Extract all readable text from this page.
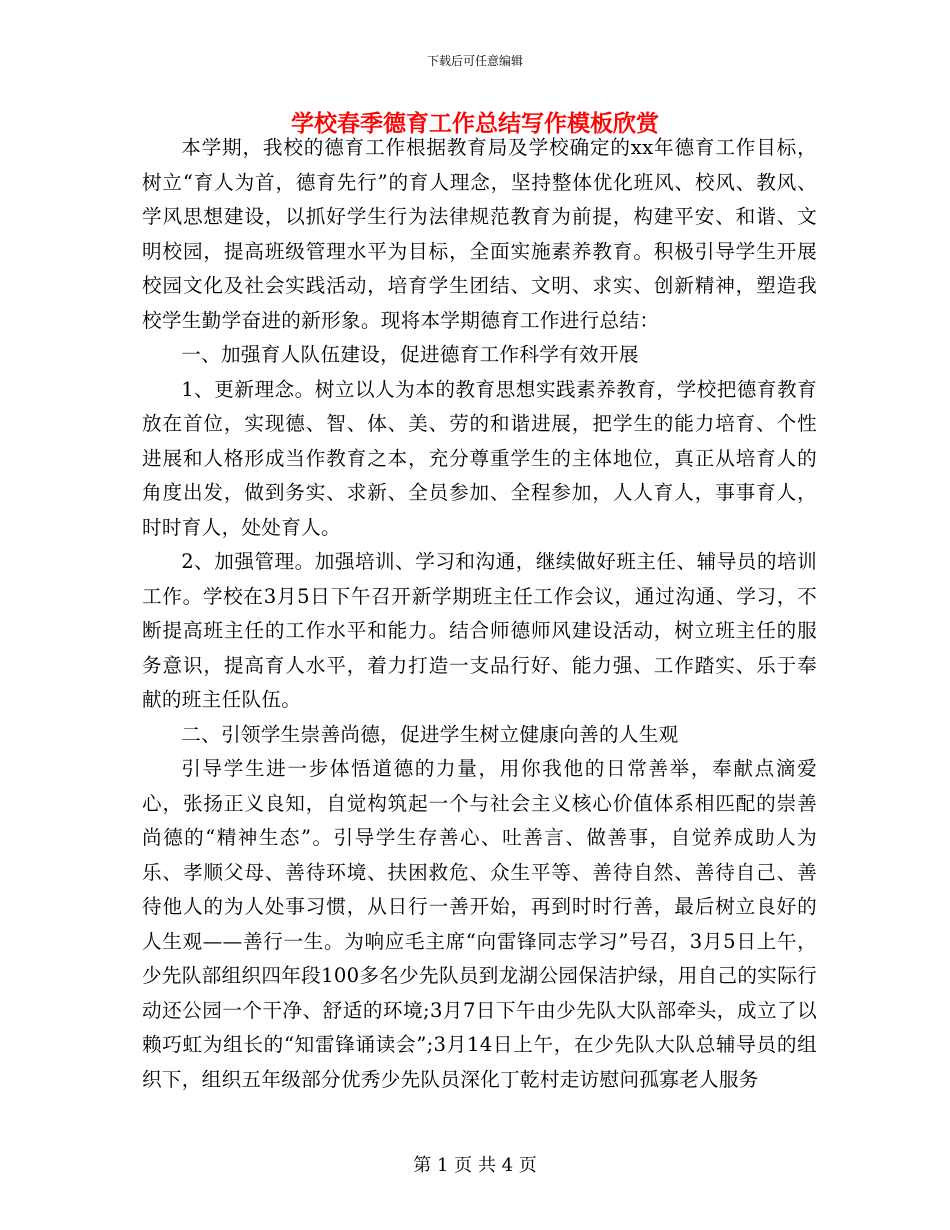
下载后可任意编辑
学校春季德育工作总结写作模板欣赏

本学期，我校的德育工作根据教育局及学校确定的xx年德育工作目标，树立“育人为首，德育先行”的育人理念，坚持整体优化班风、校风、教风、学风思想建设，以抓好学生行为法律规范教育为前提，构建平安、和谐、文明校园，提高班级管理水平为目标，全面实施素养教育。积极引导学生开展校园文化及社会实践活动，培育学生团结、文明、求实、创新精神，塑造我校学生勤学奋进的新形象。现将本学期德育工作进行总结：

一、加强育人队伍建设，促进德育工作科学有效开展

1、更新理念。树立以人为本的教育思想实践素养教育，学校把德育教育放在首位，实现德、智、体、美、劳的和谐进展，把学生的能力培育、个性进展和人格形成当作教育之本，充分尊重学生的主体地位，真正从培育人的角度出发，做到务实、求新、全员参加、全程参加，人人育人，事事育人，时时育人，处处育人。

2、加强管理。加强培训、学习和沟通，继续做好班主任、辅导员的培训工作。学校在3月5日下午召开新学期班主任工作会议，通过沟通、学习，不断提高班主任的工作水平和能力。结合师德师风建设活动，树立班主任的服务意识，提高育人水平，着力打造一支品行好、能力强、工作踏实、乐于奉献的班主任队伍。

二、引领学生崇善尚德，促进学生树立健康向善的人生观

引导学生进一步体悟道德的力量，用你我他的日常善举，奉献点滴爱心，张扬正义良知，自觉构筑起一个与社会主义核心价值体系相匹配的崇善尚德的“精神生态”。引导学生存善心、吐善言、做善事，自觉养成助人为乐、孝顺父母、善待环境、扶困救危、众生平等、善待自然、善待自己、善待他人的为人处事习惯，从日行一善开始，再到时时行善，最后树立良好的人生观——善行一生。为响应毛主席“向雷锋同志学习”号召，3月5日上午，少先队部组织四年段100多名少先队员到龙湖公园保洁护绿，用自己的实际行动还公园一个干净、舒适的环境;3月7日下午由少先队大队部牵头，成立了以赖巧虹为组长的“知雷锋诵读会”;3月14日上午，在少先队大队总辅导员的组织下，组织五年级部分优秀少先队员深化丁乾村走访慰问孤寡老人服务

第 1 页 共 4 页
